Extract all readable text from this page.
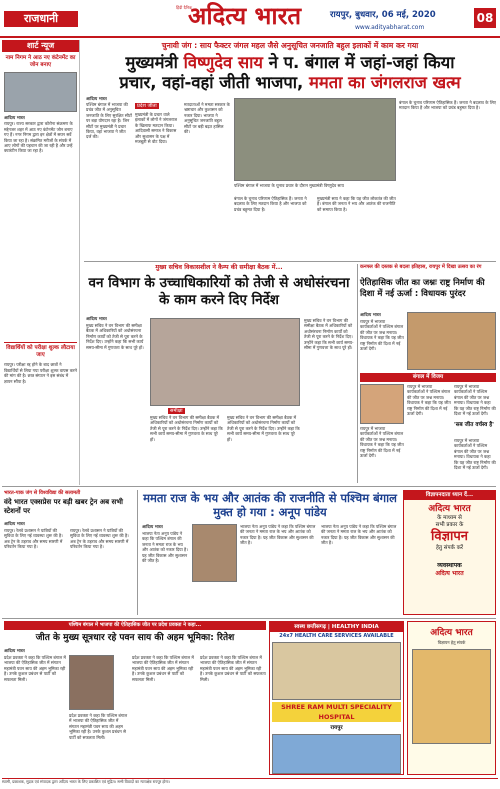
राजधानी
हिंदी दैनिक
अदित्य भारत	रायपुर, बुधवार, 06 मई, 2020
www.adityabharat.com
08
शार्ट न्यूज
नाम निगम ने आठ नए कंटेनमेंट का जोन बनाए
आदित्य भारत
रायपुर। राज्य सरकार द्वारा कोरोना संक्रमण के मद्देनजर शहर में आठ नए कंटेनमेंट जोन बनाए गए हैं। नगर निगम द्वारा इन क्षेत्रों में सघन सर्वे किया जा रहा है। संक्रमित मरीजों के संपर्क में आए लोगों की पहचान की जा रही है और उन्हें क्वारंटीन किया जा रहा है।
विद्यार्थियों को परीक्षा शुल्क लौटाया जाए
रायपुर। परीक्षा रद्द होने के बाद छात्रों ने विद्यार्थियों से लिया गया परीक्षा शुल्क वापस करने की मांग की है। छात्र संगठन ने इस संबंध में ज्ञापन सौंपा है।
चुनावी जंग : साय फैक्टर जंगल महल जैसे अनुसूचित जनजाति बहुल इलाकों में काम कर गया
मुख्यमंत्री विष्णुदेव साय ने प. बंगाल में जहां-जहां किया
प्रचार, वहां-वहां जीती भाजपा, ममता का जंगलराज खत्म
आदित्य भारत
प्रदेश जीता
पश्चिम बंगाल में भाजपा की प्रचंड जीत में अनुसूचित जनजाति के लिए सुरक्षित सीटों पर बड़ा योगदान रहा है। जिन सीटों पर मुख्यमंत्री ने प्रचार किया, वहां भाजपा ने जीत दर्ज की।
मुख्यमंत्री के प्रचार वाले इलाकों में लोगों ने जंगलराज के खिलाफ मतदान किया। आदिवासी समाज ने विकास और सुशासन के पक्ष में मजबूती से वोट दिया।
मतदाताओं ने ममता सरकार के भ्रष्टाचार और कुशासन को नकार दिया। भाजपा ने अनुसूचित जनजाति बहुल सीटों पर बड़ी बढ़त हासिल की।
पश्चिम बंगाल में भाजपा के चुनाव प्रचार के दौरान मुख्यमंत्री विष्णुदेव साय
बंगाल के चुनाव परिणाम ऐतिहासिक हैं। जनता ने बदलाव के लिए मतदान किया है और भाजपा को प्रचंड बहुमत दिया है।
मुख्यमंत्री साय ने कहा कि यह जीत लोकतंत्र की जीत है। बंगाल की जनता ने भय और आतंक की राजनीति को समाप्त किया है।
बंगाल के चुनाव परिणाम ऐतिहासिक हैं। जनता ने बदलाव के लिए मतदान किया है और भाजपा को प्रचंड बहुमत दिया है।
मुख्य सचिव विकासशील ने कैम्प की समीक्षा बैठक में...
वन विभाग के उच्चाधिकारियों को तेजी से अधोसंरचना के काम करने दिए निर्देश
आदित्य भारत
समीक्षा
मुख्य सचिव ने वन विभाग की समीक्षा बैठक में अधिकारियों को अधोसंरचना निर्माण कार्यों को तेजी से पूरा करने के निर्देश दिए। उन्होंने कहा कि सभी कार्य समय-सीमा में गुणवत्ता के साथ पूरे हों।
मुख्य सचिव ने वन विभाग की समीक्षा बैठक में अधिकारियों को अधोसंरचना निर्माण कार्यों को तेजी से पूरा करने के निर्देश दिए। उन्होंने कहा कि सभी कार्य समय-सीमा में गुणवत्ता के साथ पूरे हों।
मुख्य सचिव ने वन विभाग की समीक्षा बैठक में अधिकारियों को अधोसंरचना निर्माण कार्यों को तेजी से पूरा करने के निर्देश दिए। उन्होंने कहा कि सभी कार्य समय-सीमा में गुणवत्ता के साथ पूरे हों।
मुख्य सचिव ने वन विभाग की समीक्षा बैठक में अधिकारियों को अधोसंरचना निर्माण कार्यों को तेजी से पूरा करने के निर्देश दिए। उन्होंने कहा कि सभी कार्य समय-सीमा में गुणवत्ता के साथ पूरे हों।
कनफ्ल की दस्तक से बदला इतिहास, रायपुर में दिखा उत्सव का रंग
ऐतिहासिक जीत का जश्नः राष्ट्र निर्माण की दिशा में नई ऊर्जा : विधायक पुरंदर
आदित्य भारत
रायपुर में भाजपा कार्यकर्ताओं ने पश्चिम बंगाल की जीत पर जश्न मनाया। विधायक ने कहा कि यह जीत राष्ट्र निर्माण की दिशा में नई ऊर्जा देगी।
बंगाल में विजय
रायपुर में भाजपा कार्यकर्ताओं ने पश्चिम बंगाल की जीत पर जश्न मनाया। विधायक ने कहा कि यह जीत राष्ट्र निर्माण की दिशा में नई ऊर्जा देगी।
रायपुर में भाजपा कार्यकर्ताओं ने पश्चिम बंगाल की जीत पर जश्न मनाया। विधायक ने कहा कि यह जीत राष्ट्र निर्माण की दिशा में नई ऊर्जा देगी।
'सब जीत वर्चस्व है'
रायपुर में भाजपा कार्यकर्ताओं ने पश्चिम बंगाल की जीत पर जश्न मनाया। विधायक ने कहा कि यह जीत राष्ट्र निर्माण की दिशा में नई ऊर्जा देगी।
रायपुर में भाजपा कार्यकर्ताओं ने पश्चिम बंगाल की जीत पर जश्न मनाया। विधायक ने कहा कि यह जीत राष्ट्र निर्माण की दिशा में नई ऊर्जा देगी।
भारत-पाक जंग से विश्वविद्या की सलामती
वंदे भारत एक्सप्रेस पर बड़ी खबर ट्रेन अब सभी स्टेशनों पर
आदित्य भारत
रायपुर। रेलवे प्रशासन ने यात्रियों की सुविधा के लिए नई व्यवस्था शुरू की है। अब ट्रेन के ठहराव और समय सारणी में परिवर्तन किया गया है।
रायपुर। रेलवे प्रशासन ने यात्रियों की सुविधा के लिए नई व्यवस्था शुरू की है। अब ट्रेन के ठहराव और समय सारणी में परिवर्तन किया गया है।
ममता राज के भय और आतंक की राजनीति से पश्चिम बंगाल मुक्त हो गया : अनूप पांडेय
आदित्य भारत
भाजपा नेता अनूप पांडेय ने कहा कि पश्चिम बंगाल की जनता ने ममता राज के भय और आतंक को नकार दिया है। यह जीत विकास और सुशासन की जीत है।
भाजपा नेता अनूप पांडेय ने कहा कि पश्चिम बंगाल की जनता ने ममता राज के भय और आतंक को नकार दिया है। यह जीत विकास और सुशासन की जीत है।
भाजपा नेता अनूप पांडेय ने कहा कि पश्चिम बंगाल की जनता ने ममता राज के भय और आतंक को नकार दिया है। यह जीत विकास और सुशासन की जीत है।
विज्ञापनदाता ध्यान दें...
अदित्य भारत
के माध्यम से
सभी प्रकार के
विज्ञापन
हेतु संपर्क करें
व्यवस्थापक
अदित्य भारत
पश्चिम बंगाल में भाजपा की ऐतिहासिक जीत पर प्रदेश प्रवक्ता ने कहा...
जीत के मुख्य सूत्रधार रहे पवन साय की अहम भूमिका: रितेश
आदित्य भारत
प्रदेश प्रवक्ता ने कहा कि पश्चिम बंगाल में भाजपा की ऐतिहासिक जीत में संगठन महामंत्री पवन साय की अहम भूमिका रही है। उनके कुशल प्रबंधन से पार्टी को सफलता मिली।
प्रदेश प्रवक्ता ने कहा कि पश्चिम बंगाल में भाजपा की ऐतिहासिक जीत में संगठन महामंत्री पवन साय की अहम भूमिका रही है। उनके कुशल प्रबंधन से पार्टी को सफलता मिली।
प्रदेश प्रवक्ता ने कहा कि पश्चिम बंगाल में भाजपा की ऐतिहासिक जीत में संगठन महामंत्री पवन साय की अहम भूमिका रही है। उनके कुशल प्रबंधन से पार्टी को सफलता मिली।
प्रदेश प्रवक्ता ने कहा कि पश्चिम बंगाल में भाजपा की ऐतिहासिक जीत में संगठन महामंत्री पवन साय की अहम भूमिका रही है। उनके कुशल प्रबंधन से पार्टी को सफलता मिली।
स्वस्थ छत्तीसगढ़ | HEALTHY INDIA
24x7 HEALTH CARE SERVICES AVAILABLE
SHREE RAM MULTI SPECIALITY HOSPITAL
रायपुर
अदित्य भारत
विज्ञापन हेतु संपर्क
स्वामी, प्रकाशक, मुद्रक एवं संपादक द्वारा अदित्य भारत के लिए प्रकाशित एवं मुद्रित। सभी विवादों का न्यायक्षेत्र रायपुर होगा।
